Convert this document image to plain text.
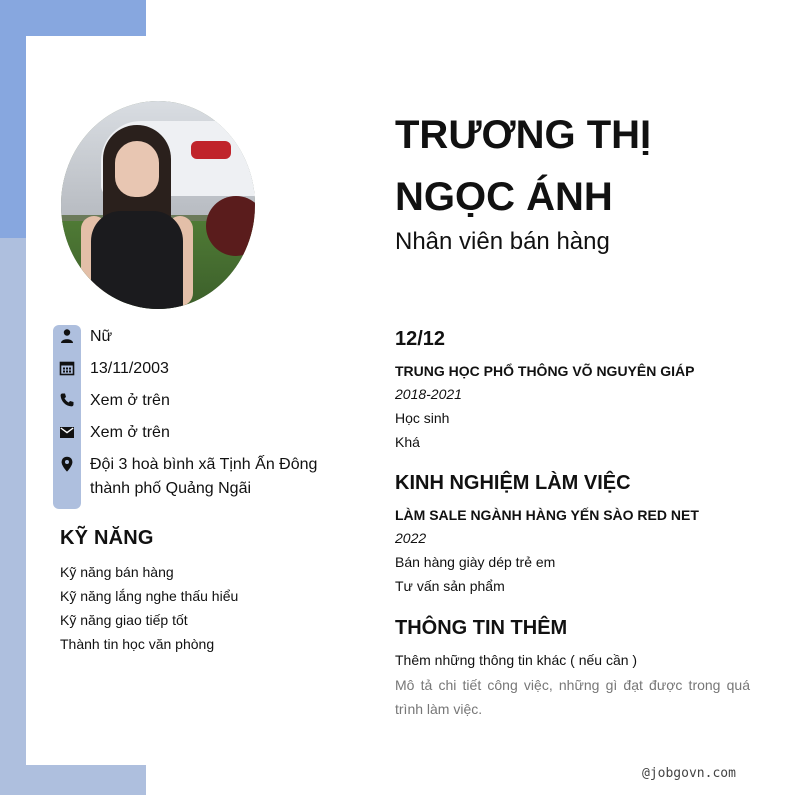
Nữ
13/11/2003
Xem ở trên
Xem ở trên
Đội 3 hoà bình xã Tịnh Ấn Đông
thành phố Quảng Ngãi
KỸ NĂNG
Kỹ năng bán hàng
Kỹ năng lắng nghe thấu hiểu
Kỹ năng giao tiếp tốt
Thành tin học văn phòng
TRƯƠNG THỊ
NGỌC ÁNH
Nhân viên bán hàng
12/12
TRUNG HỌC PHỔ THÔNG VÕ NGUYÊN GIÁP
2018-2021
Học sinh
Khá
KINH NGHIỆM LÀM VIỆC
LÀM SALE NGÀNH HÀNG YẾN SÀO RED NET
2022
Bán hàng giày dép trẻ em
Tư vấn sản phẩm
THÔNG TIN THÊM
Thêm những thông tin khác ( nếu cần )
Mô tả chi tiết công việc, những gì đạt được trong quá trình làm việc.
@jobgovn.com
